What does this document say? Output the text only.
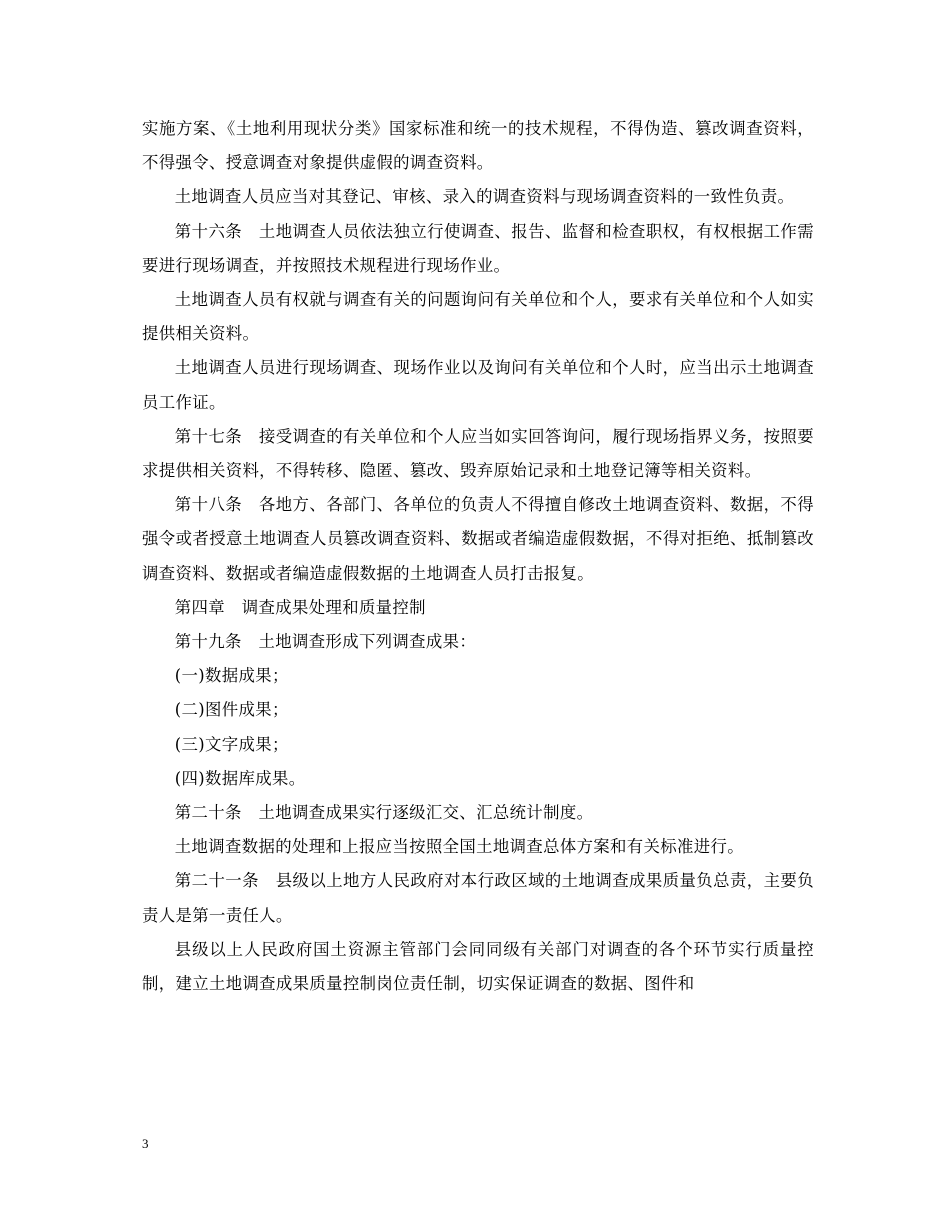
实施方案、《土地利用现状分类》国家标准和统一的技术规程，不得伪造、篡改调查资料，不得强令、授意调查对象提供虚假的调查资料。

土地调查人员应当对其登记、审核、录入的调查资料与现场调查资料的一致性负责。

第十六条　土地调查人员依法独立行使调查、报告、监督和检查职权，有权根据工作需要进行现场调查，并按照技术规程进行现场作业。

土地调查人员有权就与调查有关的问题询问有关单位和个人，要求有关单位和个人如实提供相关资料。

土地调查人员进行现场调查、现场作业以及询问有关单位和个人时，应当出示土地调查员工作证。

第十七条　接受调查的有关单位和个人应当如实回答询问，履行现场指界义务，按照要求提供相关资料，不得转移、隐匿、篡改、毁弃原始记录和土地登记簿等相关资料。

第十八条　各地方、各部门、各单位的负责人不得擅自修改土地调查资料、数据，不得强令或者授意土地调查人员篡改调查资料、数据或者编造虚假数据，不得对拒绝、抵制篡改调查资料、数据或者编造虚假数据的土地调查人员打击报复。

第四章　调查成果处理和质量控制

第十九条　土地调查形成下列调查成果：

(一)数据成果；

(二)图件成果；

(三)文字成果；

(四)数据库成果。

第二十条　土地调查成果实行逐级汇交、汇总统计制度。

土地调查数据的处理和上报应当按照全国土地调查总体方案和有关标准进行。

第二十一条　县级以上地方人民政府对本行政区域的土地调查成果质量负总责，主要负责人是第一责任人。

县级以上人民政府国土资源主管部门会同同级有关部门对调查的各个环节实行质量控制，建立土地调查成果质量控制岗位责任制，切实保证调查的数据、图件和

3
